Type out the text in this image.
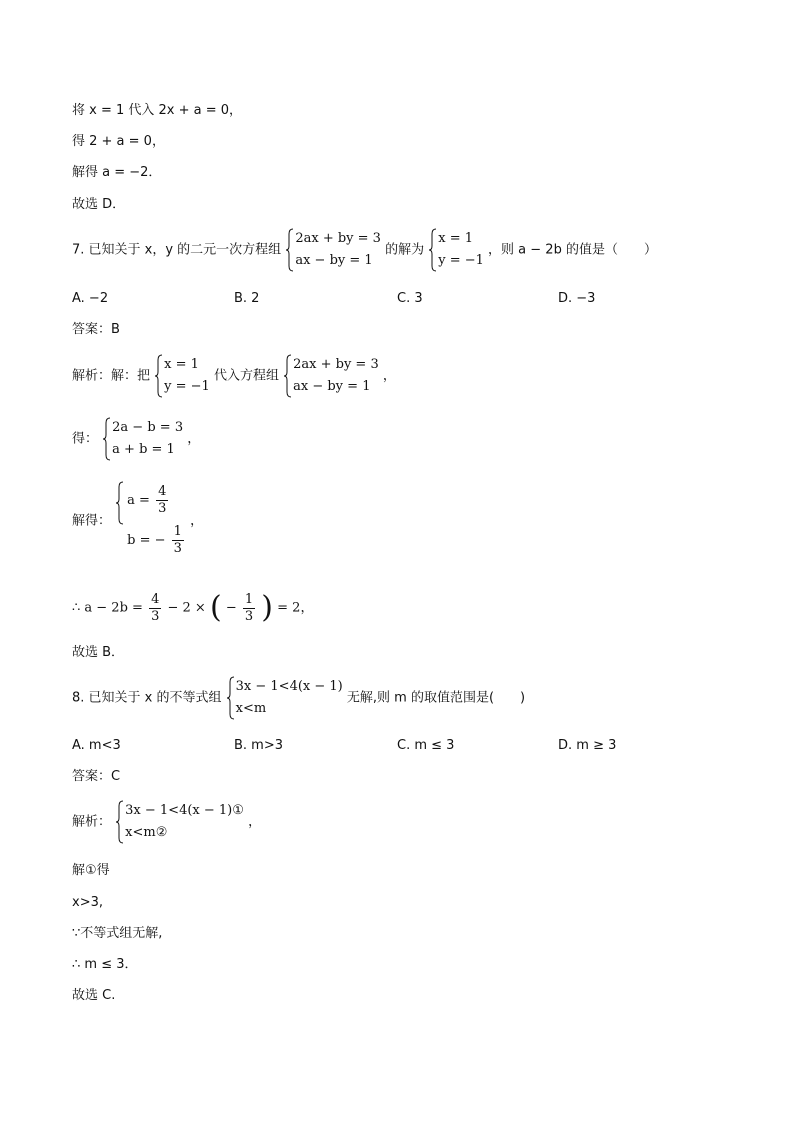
将 x = 1 代入 2x + a = 0，
得 2 + a = 0，
解得 a = −2．
故选 D．
7. 已知关于 x，y 的二元一次方程组
2ax + by = 3
ax − by = 1
的解为
x = 1
y = −1
，则 a − 2b 的值是（　　）
A. −2	B. 2	C. 3	D. −3
答案：B
解析：解：把
x = 1
y = −1
代入方程组
2ax + by = 3
ax − by = 1
，
得：
2a − b = 3
a + b = 1
，
解得：
$a = \frac{4}{3}$
b = − $\frac{1}{3}$
，
∴ $a - 2b = \frac{4}{3} - 2$ × ( − $\frac{1}{3}$ ) = 2，
故选 B．
8. 已知关于 x 的不等式组
3x − 1<4(x − 1)
x<m
无解,则 m 的取值范围是(　　)
A. m<3	B. m>3	C. m ≤ 3	D. m ≥ 3
答案：C
解析：
3x − 1<4(x − 1)①
x<m②
，
解①得
x>3,
∵不等式组无解,
∴ m ≤ 3．
故选 C.
